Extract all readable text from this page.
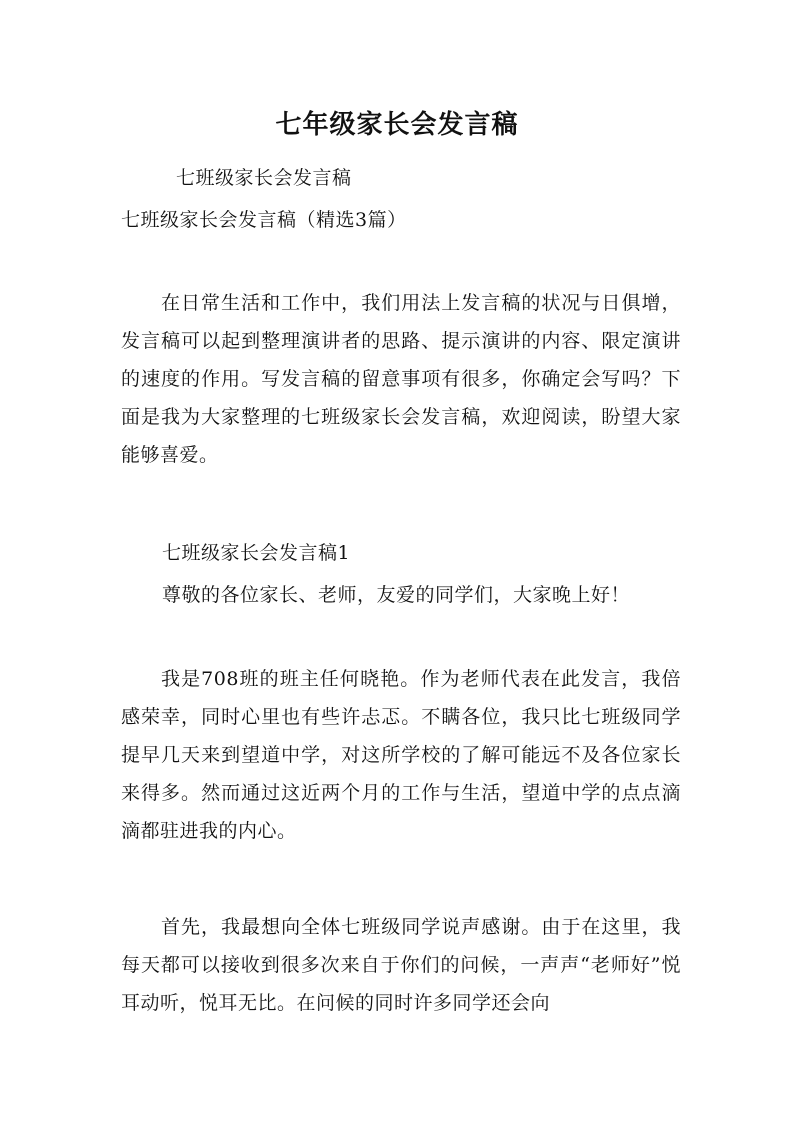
七年级家长会发言稿
七班级家长会发言稿
七班级家长会发言稿（精选3篇）
在日常生活和工作中，我们用法上发言稿的状况与日俱增，发言稿可以起到整理演讲者的思路、提示演讲的内容、限定演讲的速度的作用。写发言稿的留意事项有很多，你确定会写吗？下面是我为大家整理的七班级家长会发言稿，欢迎阅读，盼望大家能够喜爱。
七班级家长会发言稿1
尊敬的各位家长、老师，友爱的同学们，大家晚上好！
我是708班的班主任何晓艳。作为老师代表在此发言，我倍感荣幸，同时心里也有些许忐忑。不瞒各位，我只比七班级同学提早几天来到望道中学，对这所学校的了解可能远不及各位家长来得多。然而通过这近两个月的工作与生活，望道中学的点点滴滴都驻进我的内心。
首先，我最想向全体七班级同学说声感谢。由于在这里，我每天都可以接收到很多次来自于你们的问候，一声声“老师好”悦耳动听，悦耳无比。在问候的同时许多同学还会向
